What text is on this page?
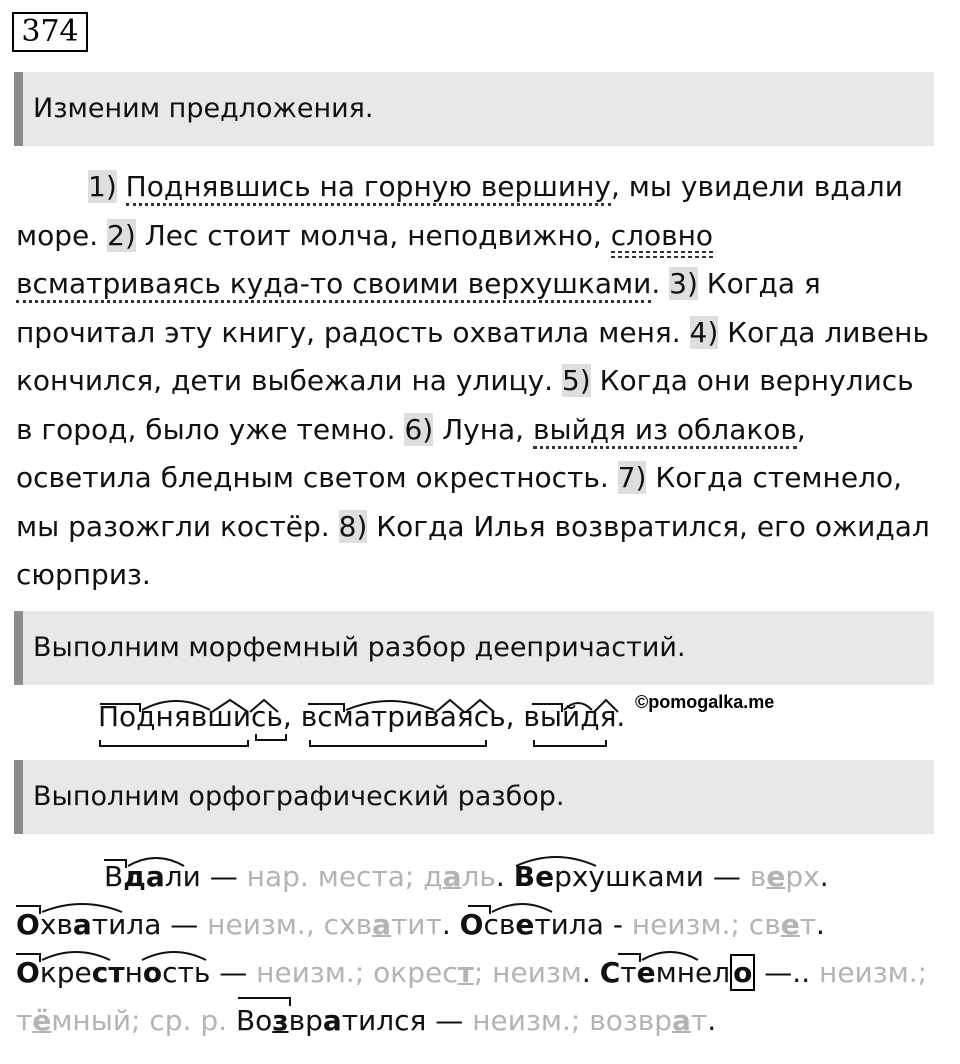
374
Изменим предложения.
1) Поднявшись на горную вершину, мы увидели вдали
море. 2) Лес стоит молча, неподвижно, словно
всматриваясь куда-то своими верхушками. 3) Когда я
прочитал эту книгу, радость охватила меня. 4) Когда ливень
кончился, дети выбежали на улицу. 5) Когда они вернулись
в город, было уже темно. 6) Луна, выйдя из облаков,
осветила бледным светом окрестность. 7) Когда стемнело,
мы разожгли костёр. 8) Когда Илья возвратился, его ожидал
сюрприз.
Выполним морфемный разбор деепричастий.
Поднявшись, всматриваясь, выйдя. ©pomogalka.me
Выполним орфографический разбор.
Вдали — нар. места; даль. Верхушками — верх.
Охватила — неизм., схватит. Осветила - неизм.; свет.
Окрестность — неизм.; окрест; неизм. Стемнел о —.. неизм.;
тёмный; ср. р. Возвратился — неизм.; возврат.
